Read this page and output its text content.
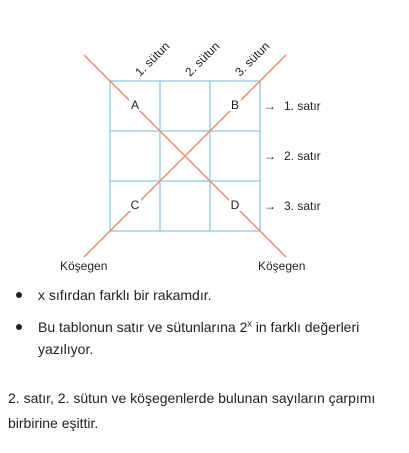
A	B
C	D
1. sütun 2. sütun 3. sütun
→ 1. satır
→ 2. satır
→ 3. satır
Köşegen	Köşegen
x sıfırdan farklı bir rakamdır.
Bu tablonun satır ve sütunlarına 2$^x$ in farklı değerleri yazılıyor.

2. satır, 2. sütun ve köşegenlerde bulunan sayıların çarpımı birbirine eşittir.
